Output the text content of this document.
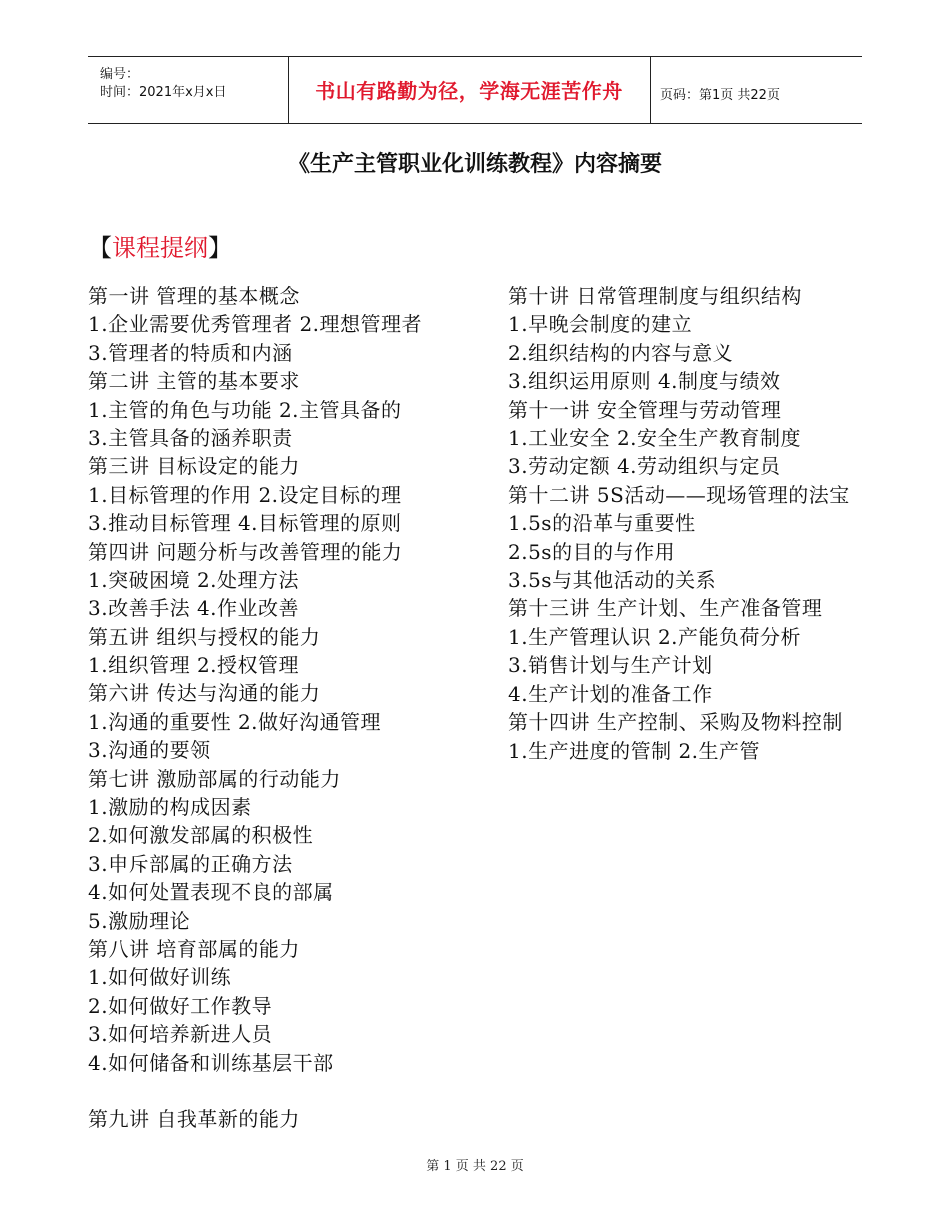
编号：
时间：2021年x月x日	书山有路勤为径，学海无涯苦作舟	页码：第1页 共22页
《生产主管职业化训练教程》内容摘要
【课程提纲】
第一讲 管理的基本概念
1.企业需要优秀管理者 2.理想管理者
3.管理者的特质和内涵
第二讲 主管的基本要求
1.主管的角色与功能 2.主管具备的
3.主管具备的涵养职责
第三讲 目标设定的能力
1.目标管理的作用 2.设定目标的理
3.推动目标管理 4.目标管理的原则
第四讲 问题分析与改善管理的能力
1.突破困境 2.处理方法
3.改善手法 4.作业改善
第五讲 组织与授权的能力
1.组织管理 2.授权管理
第六讲 传达与沟通的能力
1.沟通的重要性 2.做好沟通管理
3.沟通的要领
第七讲 激励部属的行动能力
1.激励的构成因素
2.如何激发部属的积极性
3.申斥部属的正确方法
4.如何处置表现不良的部属
5.激励理论
第八讲 培育部属的能力
1.如何做好训练
2.如何做好工作教导
3.如何培养新进人员
4.如何储备和训练基层干部
第九讲 自我革新的能力
第十讲 日常管理制度与组织结构
1.早晚会制度的建立
2.组织结构的内容与意义
3.组织运用原则 4.制度与绩效
第十一讲 安全管理与劳动管理
1.工业安全 2.安全生产教育制度
3.劳动定额 4.劳动组织与定员
第十二讲 5S活动——现场管理的法宝
1.5s的沿革与重要性
2.5s的目的与作用
3.5s与其他活动的关系
第十三讲 生产计划、生产准备管理
1.生产管理认识 2.产能负荷分析
3.销售计划与生产计划
4.生产计划的准备工作
第十四讲 生产控制、采购及物料控制
1.生产进度的管制 2.生产管
第 1 页 共 22 页
